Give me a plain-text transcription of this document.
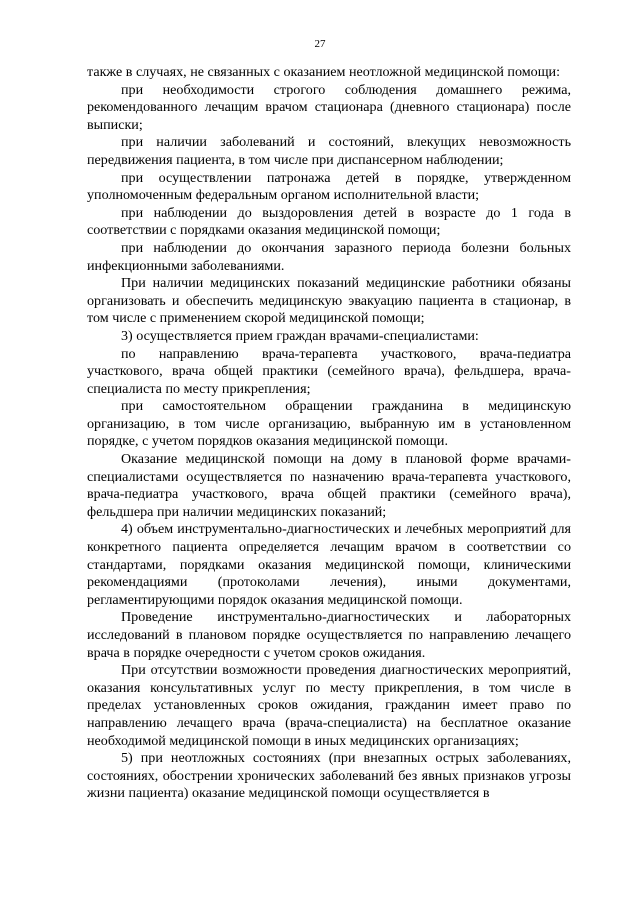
27

также в случаях, не связанных с оказанием неотложной медицинской помощи:

при необходимости строгого соблюдения домашнего режима, рекомендованного лечащим врачом стационара (дневного стационара) после выписки;

при наличии заболеваний и состояний, влекущих невозможность передвижения пациента, в том числе при диспансерном наблюдении;

при осуществлении патронажа детей в порядке, утвержденном уполномоченным федеральным органом исполнительной власти;

при наблюдении до выздоровления детей в возрасте до 1 года в соответствии с порядками оказания медицинской помощи;

при наблюдении до окончания заразного периода болезни больных инфекционными заболеваниями.

При наличии медицинских показаний медицинские работники обязаны организовать и обеспечить медицинскую эвакуацию пациента в стационар, в том числе с применением скорой медицинской помощи;

3) осуществляется прием граждан врачами-специалистами:

по направлению врача-терапевта участкового, врача-педиатра участкового, врача общей практики (семейного врача), фельдшера, врача-специалиста по месту прикрепления;

при самостоятельном обращении гражданина в медицинскую организацию, в том числе организацию, выбранную им в установленном порядке, с учетом порядков оказания медицинской помощи.

Оказание медицинской помощи на дому в плановой форме врачами-специалистами осуществляется по назначению врача-терапевта участкового, врача-педиатра участкового, врача общей практики (семейного врача), фельдшера при наличии медицинских показаний;

4) объем инструментально-диагностических и лечебных мероприятий для конкретного пациента определяется лечащим врачом в соответствии со стандартами, порядками оказания медицинской помощи, клиническими рекомендациями (протоколами лечения), иными документами, регламентирующими порядок оказания медицинской помощи.

Проведение инструментально-диагностических и лабораторных исследований в плановом порядке осуществляется по направлению лечащего врача в порядке очередности с учетом сроков ожидания.

При отсутствии возможности проведения диагностических мероприятий, оказания консультативных услуг по месту прикрепления, в том числе в пределах установленных сроков ожидания, гражданин имеет право по направлению лечащего врача (врача-специалиста) на бесплатное оказание необходимой медицинской помощи в иных медицинских организациях;

5) при неотложных состояниях (при внезапных острых заболеваниях, состояниях, обострении хронических заболеваний без явных признаков угрозы жизни пациента) оказание медицинской помощи осуществляется в
